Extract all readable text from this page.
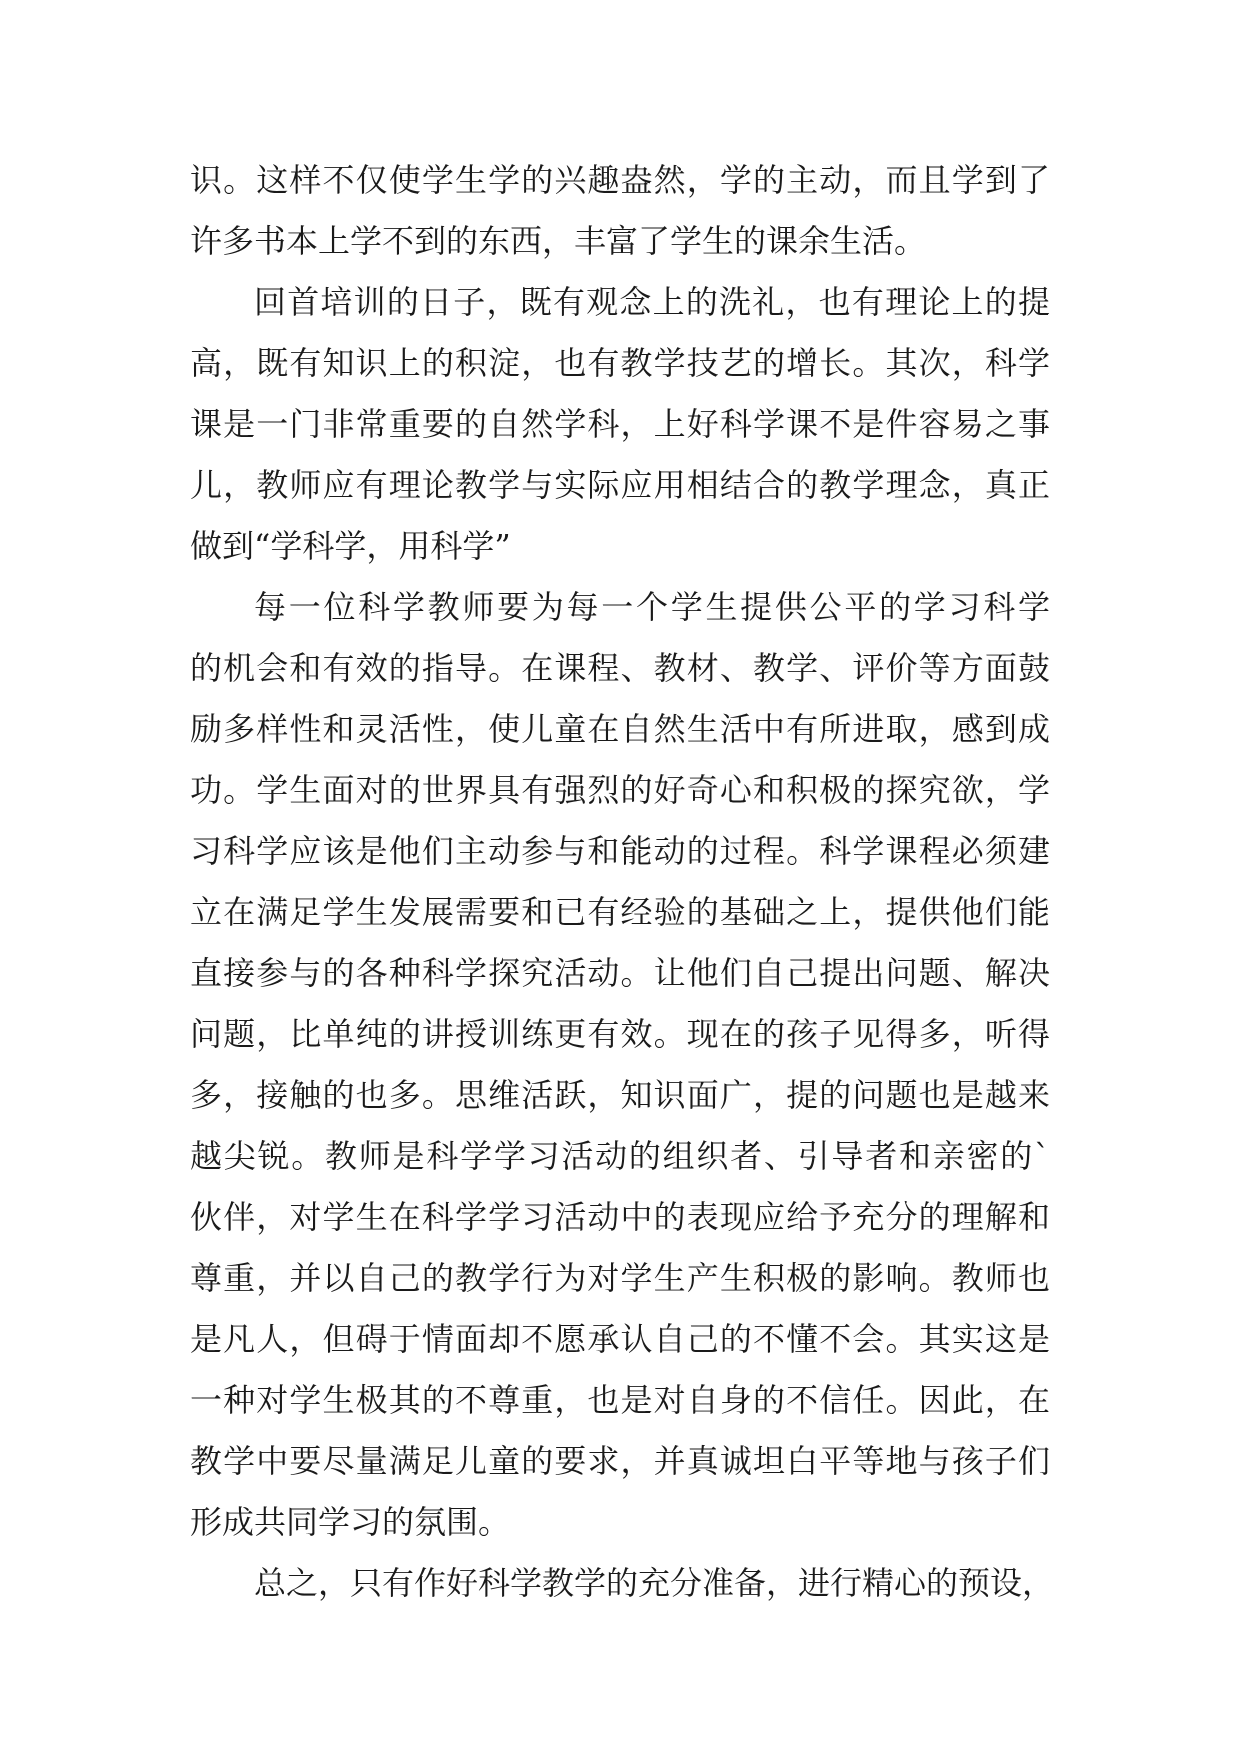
识。这样不仅使学生学的兴趣盎然，学的主动，而且学到了
许多书本上学不到的东西，丰富了学生的课余生活。
回首培训的日子，既有观念上的洗礼，也有理论上的提
高，既有知识上的积淀，也有教学技艺的增长。其次，科学
课是一门非常重要的自然学科，上好科学课不是件容易之事
儿，教师应有理论教学与实际应用相结合的教学理念，真正
做到“学科学，用科学”
每一位科学教师要为每一个学生提供公平的学习科学
的机会和有效的指导。在课程、教材、教学、评价等方面鼓
励多样性和灵活性，使儿童在自然生活中有所进取，感到成
功。学生面对的世界具有强烈的好奇心和积极的探究欲，学
习科学应该是他们主动参与和能动的过程。科学课程必须建
立在满足学生发展需要和已有经验的基础之上，提供他们能
直接参与的各种科学探究活动。让他们自己提出问题、解决
问题，比单纯的讲授训练更有效。现在的孩子见得多，听得
多，接触的也多。思维活跃，知识面广，提的问题也是越来
越尖锐。教师是科学学习活动的组织者、引导者和亲密的`
伙伴，对学生在科学学习活动中的表现应给予充分的理解和
尊重，并以自己的教学行为对学生产生积极的影响。教师也
是凡人，但碍于情面却不愿承认自己的不懂不会。其实这是
一种对学生极其的不尊重，也是对自身的不信任。因此，在
教学中要尽量满足儿童的要求，并真诚坦白平等地与孩子们
形成共同学习的氛围。
总之，只有作好科学教学的充分准备，进行精心的预设，
